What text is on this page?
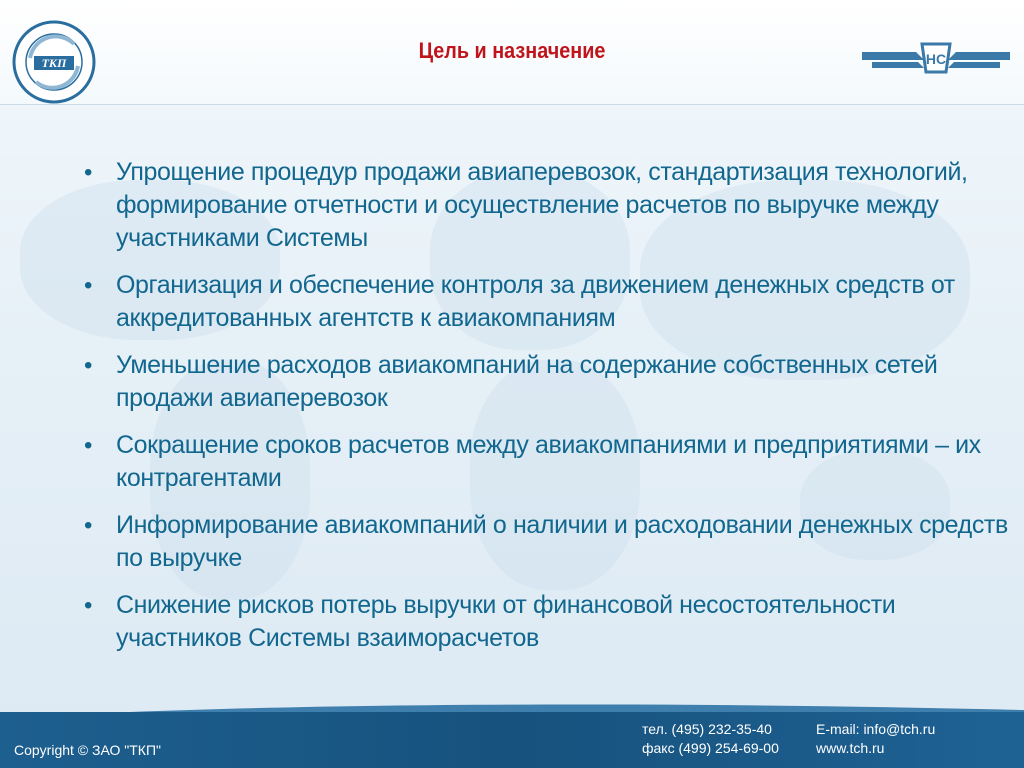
ТКП	Цель и назначение	НС
• Упрощение процедур продажи авиаперевозок, стандартизация технологий, формирование отчетности и осуществление расчетов по выручке между участниками Системы
• Организация и обеспечение контроля за движением денежных средств от аккредитованных агентств к авиакомпаниям
• Уменьшение расходов авиакомпаний на содержание собственных сетей продажи авиаперевозок
• Сокращение сроков расчетов между авиакомпаниями и предприятиями – их контрагентами
• Информирование авиакомпаний о наличии и расходовании денежных средств по выручке
• Снижение рисков потерь выручки от финансовой несостоятельности участников Системы взаиморасчетов
Copyright © ЗАО "ТКП"
тел. (495) 232-35-40
факс (499) 254-69-00
E-mail: info@tch.ru
www.tch.ru
